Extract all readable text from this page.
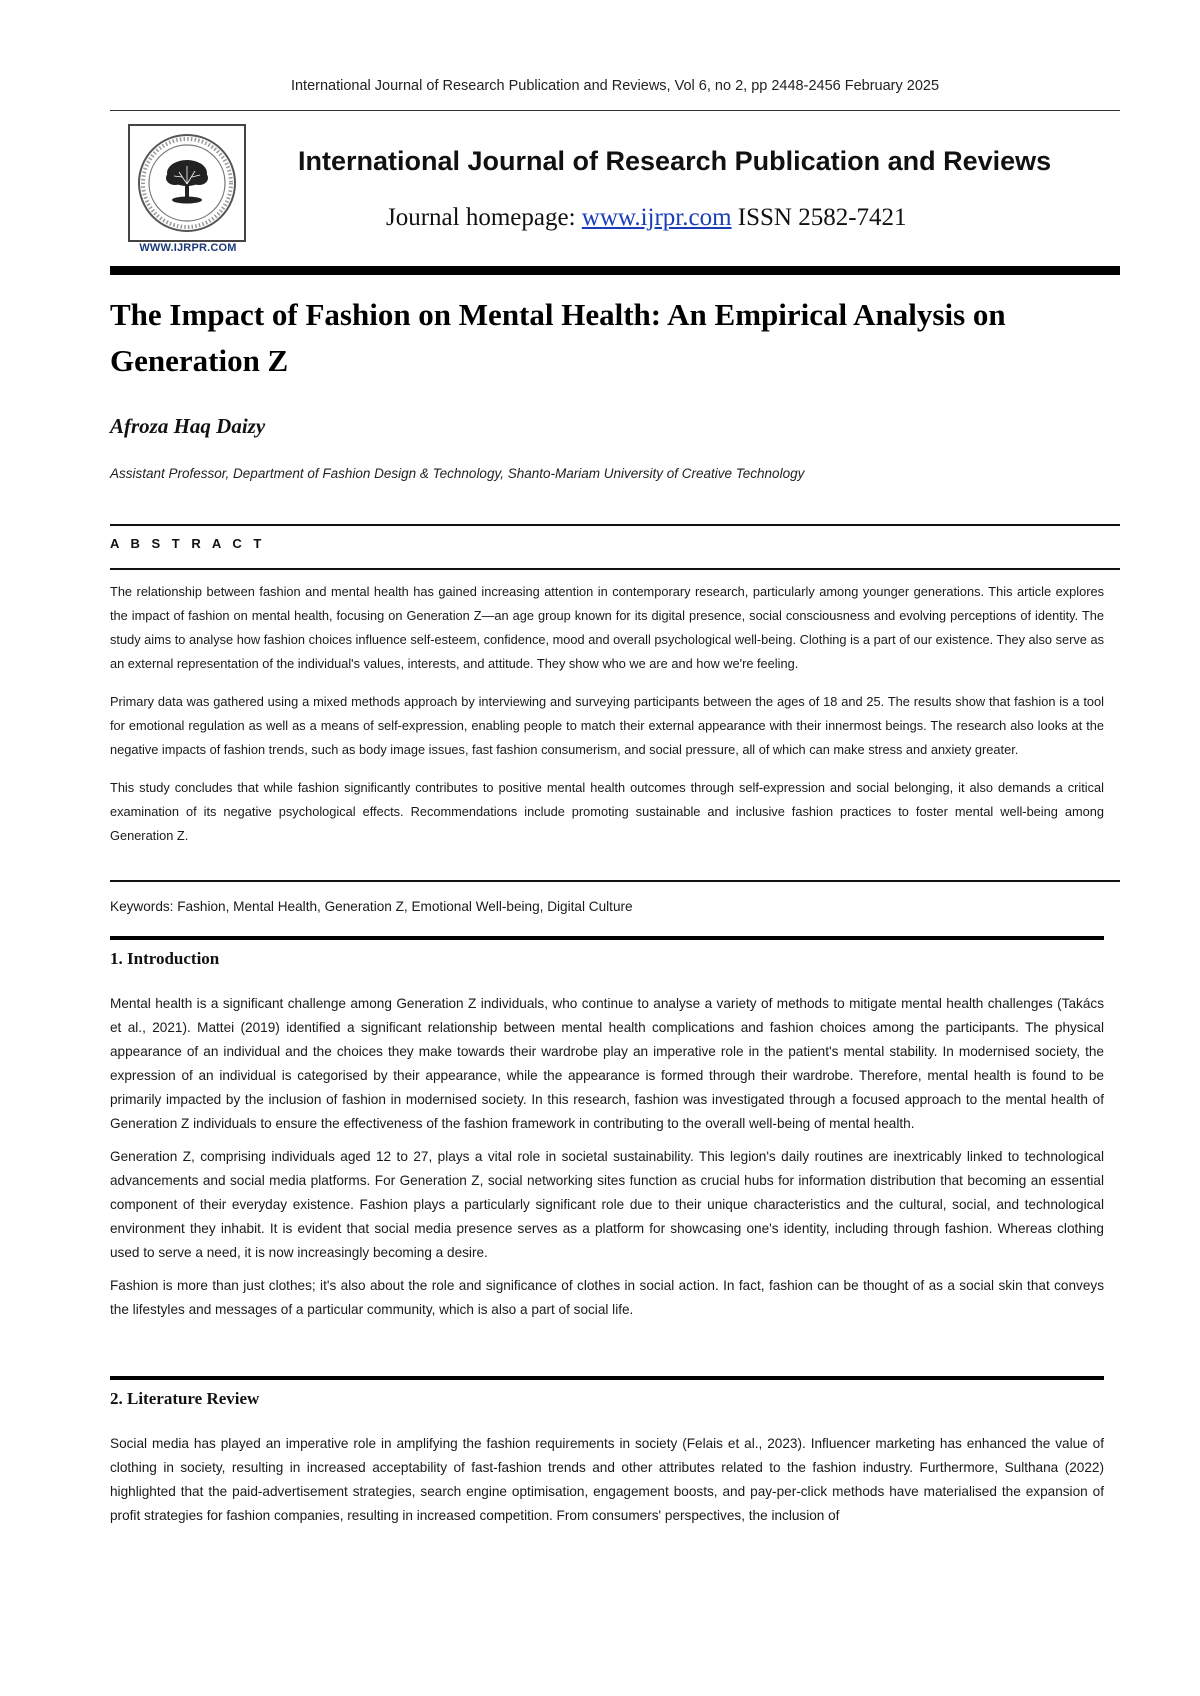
International Journal of Research Publication and Reviews, Vol 6, no 2, pp 2448-2456 February 2025
WWW.IJRPR.COM
International Journal of Research Publication and Reviews
Journal homepage: www.ijrpr.com ISSN 2582-7421
The Impact of Fashion on Mental Health: An Empirical Analysis on Generation Z
Afroza Haq Daizy
Assistant Professor, Department of Fashion Design & Technology, Shanto-Mariam University of Creative Technology
A B S T R A C T

The relationship between fashion and mental health has gained increasing attention in contemporary research, particularly among younger generations. This article explores the impact of fashion on mental health, focusing on Generation Z—an age group known for its digital presence, social consciousness and evolving perceptions of identity. The study aims to analyse how fashion choices influence self-esteem, confidence, mood and overall psychological well-being. Clothing is a part of our existence. They also serve as an external representation of the individual's values, interests, and attitude. They show who we are and how we're feeling.

Primary data was gathered using a mixed methods approach by interviewing and surveying participants between the ages of 18 and 25. The results show that fashion is a tool for emotional regulation as well as a means of self-expression, enabling people to match their external appearance with their innermost beings. The research also looks at the negative impacts of fashion trends, such as body image issues, fast fashion consumerism, and social pressure, all of which can make stress and anxiety greater.

This study concludes that while fashion significantly contributes to positive mental health outcomes through self-expression and social belonging, it also demands a critical examination of its negative psychological effects. Recommendations include promoting sustainable and inclusive fashion practices to foster mental well-being among Generation Z.

Keywords: Fashion, Mental Health, Generation Z, Emotional Well-being, Digital Culture
1. Introduction

Mental health is a significant challenge among Generation Z individuals, who continue to analyse a variety of methods to mitigate mental health challenges (Takács et al., 2021). Mattei (2019) identified a significant relationship between mental health complications and fashion choices among the participants. The physical appearance of an individual and the choices they make towards their wardrobe play an imperative role in the patient's mental stability. In modernised society, the expression of an individual is categorised by their appearance, while the appearance is formed through their wardrobe. Therefore, mental health is found to be primarily impacted by the inclusion of fashion in modernised society. In this research, fashion was investigated through a focused approach to the mental health of Generation Z individuals to ensure the effectiveness of the fashion framework in contributing to the overall well-being of mental health.

Generation Z, comprising individuals aged 12 to 27, plays a vital role in societal sustainability. This legion's daily routines are inextricably linked to technological advancements and social media platforms. For Generation Z, social networking sites function as crucial hubs for information distribution that becoming an essential component of their everyday existence. Fashion plays a particularly significant role due to their unique characteristics and the cultural, social, and technological environment they inhabit. It is evident that social media presence serves as a platform for showcasing one's identity, including through fashion. Whereas clothing used to serve a need, it is now increasingly becoming a desire.

Fashion is more than just clothes; it's also about the role and significance of clothes in social action. In fact, fashion can be thought of as a social skin that conveys the lifestyles and messages of a particular community, which is also a part of social life.

2. Literature Review

Social media has played an imperative role in amplifying the fashion requirements in society (Felais et al., 2023). Influencer marketing has enhanced the value of clothing in society, resulting in increased acceptability of fast-fashion trends and other attributes related to the fashion industry. Furthermore, Sulthana (2022) highlighted that the paid-advertisement strategies, search engine optimisation, engagement boosts, and pay-per-click methods have materialised the expansion of profit strategies for fashion companies, resulting in increased competition. From consumers' perspectives, the inclusion of
